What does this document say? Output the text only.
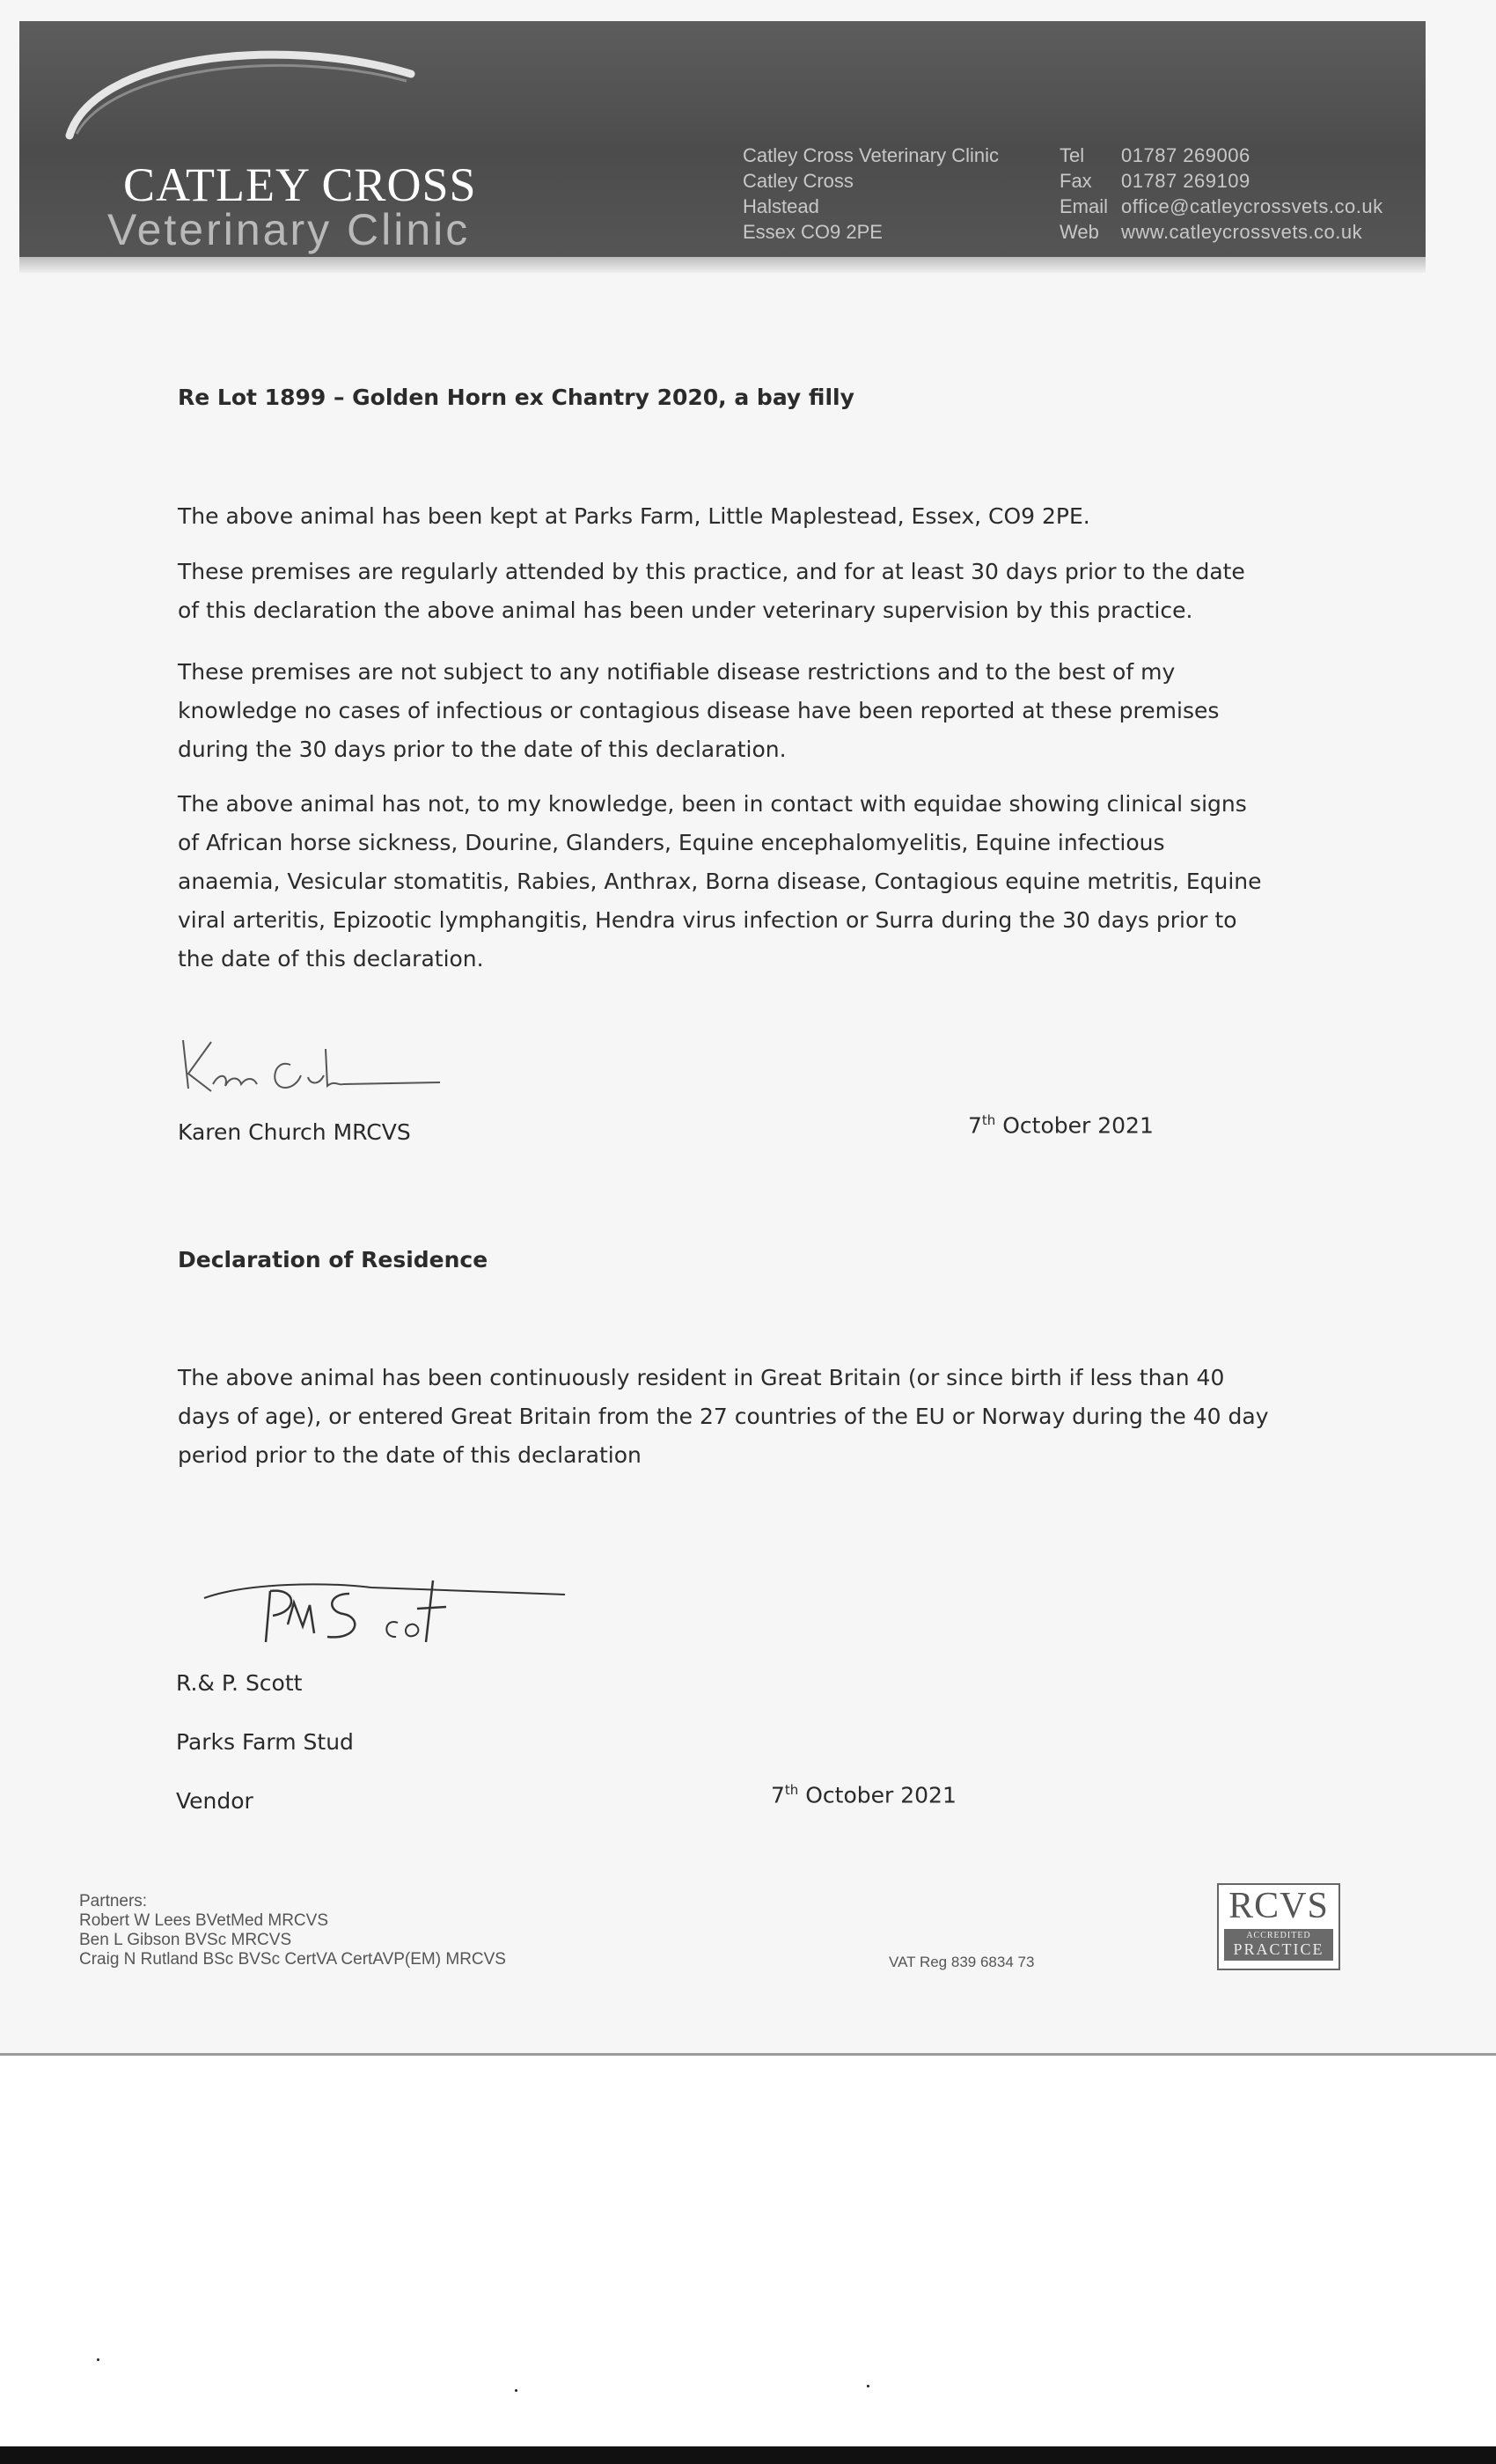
CATLEY CROSS
Veterinary Clinic
Catley Cross Veterinary Clinic
Catley Cross
Halstead
Essex CO9 2PE
Tel	01787 269006
Fax	01787 269109
Email office@catleycrossvets.co.uk
Web	www.catleycrossvets.co.uk
Re Lot 1899 – Golden Horn ex Chantry 2020, a bay filly
The above animal has been kept at Parks Farm, Little Maplestead, Essex, CO9 2PE.
These premises are regularly attended by this practice, and for at least 30 days prior to the date of this declaration the above animal has been under veterinary supervision by this practice.
These premises are not subject to any notifiable disease restrictions and to the best of my knowledge no cases of infectious or contagious disease have been reported at these premises during the 30 days prior to the date of this declaration.
The above animal has not, to my knowledge, been in contact with equidae showing clinical signs of African horse sickness, Dourine, Glanders, Equine encephalomyelitis, Equine infectious anaemia, Vesicular stomatitis, Rabies, Anthrax, Borna disease, Contagious equine metritis, Equine viral arteritis, Epizootic lymphangitis, Hendra virus infection or Surra during the 30 days prior to the date of this declaration.
Karen Church MRCVS	7th October 2021
Declaration of Residence
The above animal has been continuously resident in Great Britain (or since birth if less than 40 days of age), or entered Great Britain from the 27 countries of the EU or Norway during the 40 day period prior to the date of this declaration
R.& P. Scott
Parks Farm Stud
Vendor	7th October 2021
Partners:
Robert W Lees BVetMed MRCVS
Ben L Gibson BVSc MRCVS
Craig N Rutland BSc BVSc CertVA CertAVP(EM) MRCVS	VAT Reg 839 6834 73
RCVS
ACCREDITED
PRACTICE
